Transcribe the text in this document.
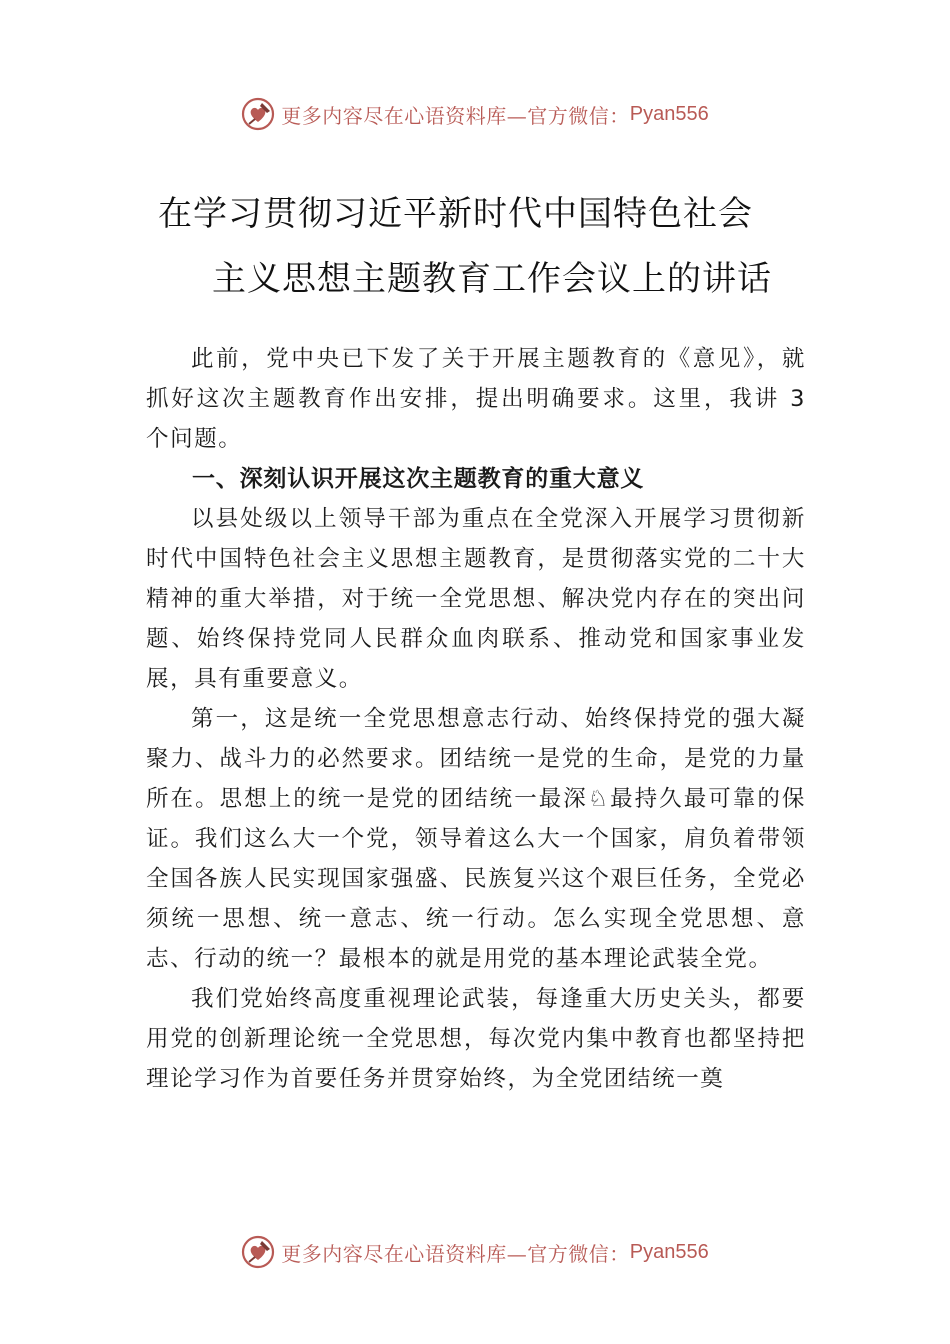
更多内容尽在心语资料库—官方微信： Pyan556
在学习贯彻习近平新时代中国特色社会
主义思想主题教育工作会议上的讲话

此前，党中央已下发了关于开展主题教育的《意见》，就抓好这次主题教育作出安排，提出明确要求。这里，我讲 3 个问题。

一、深刻认识开展这次主题教育的重大意义

以县处级以上领导干部为重点在全党深入开展学习贯彻新时代中国特色社会主义思想主题教育，是贯彻落实党的二十大精神的重大举措，对于统一全党思想、解决党内存在的突出问题、始终保持党同人民群众血肉联系、推动党和国家事业发展，具有重要意义。

第一，这是统一全党思想意志行动、始终保持党的强大凝聚力、战斗力的必然要求。团结统一是党的生命，是党的力量所在。思想上的统一是党的团结统一最深♘最持久最可靠的保证。我们这么大一个党，领导着这么大一个国家，肩负着带领全国各族人民实现国家强盛、民族复兴这个艰巨任务，全党必须统一思想、统一意志、统一行动。怎么实现全党思想、意志、行动的统一？最根本的就是用党的基本理论武装全党。

我们党始终高度重视理论武装，每逢重大历史关头，都要用党的创新理论统一全党思想，每次党内集中教育也都坚持把理论学习作为首要任务并贯穿始终，为全党团结统一奠

更多内容尽在心语资料库—官方微信： Pyan556
